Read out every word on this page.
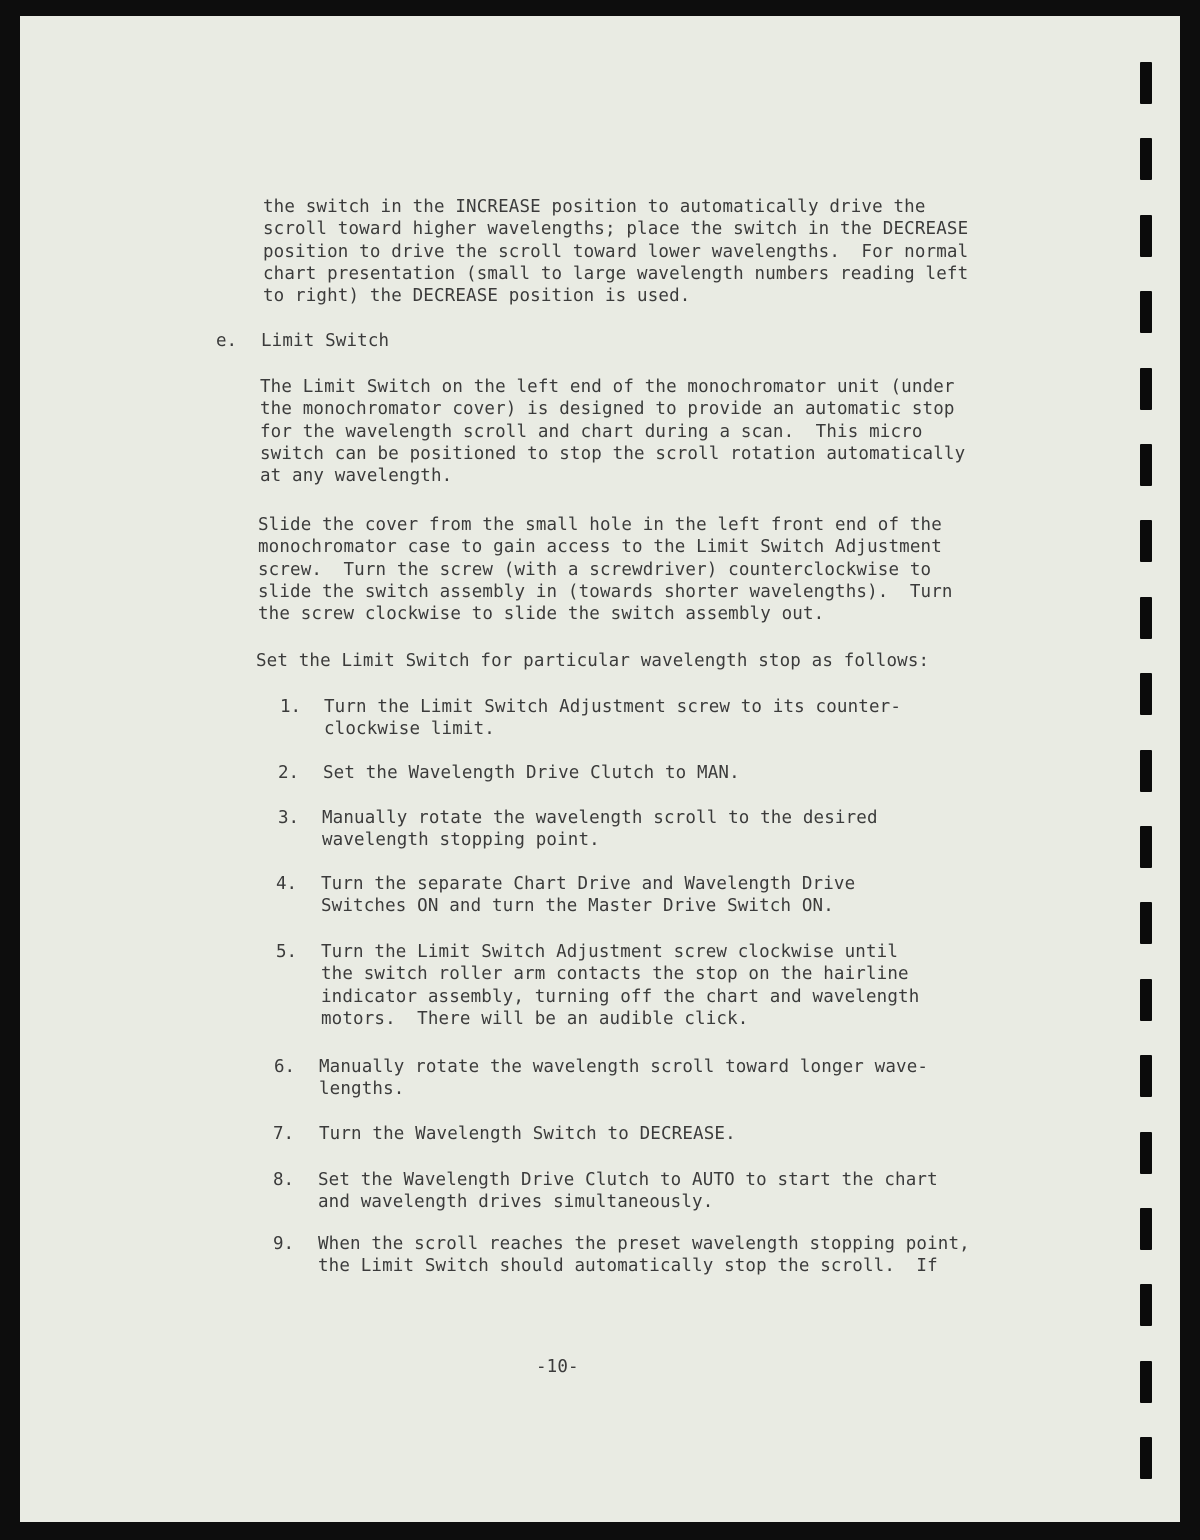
the switch in the INCREASE position to automatically drive the
scroll toward higher wavelengths; place the switch in the DECREASE
position to drive the scroll toward lower wavelengths.  For normal
chart presentation (small to large wavelength numbers reading left
to right) the DECREASE position is used.
e. Limit Switch
The Limit Switch on the left end of the monochromator unit (under
the monochromator cover) is designed to provide an automatic stop
for the wavelength scroll and chart during a scan.  This micro
switch can be positioned to stop the scroll rotation automatically
at any wavelength.
Slide the cover from the small hole in the left front end of the
monochromator case to gain access to the Limit Switch Adjustment
screw.  Turn the screw (with a screwdriver) counterclockwise to
slide the switch assembly in (towards shorter wavelengths).  Turn
the screw clockwise to slide the switch assembly out.
Set the Limit Switch for particular wavelength stop as follows:
1. Turn the Limit Switch Adjustment screw to its counter-
clockwise limit.
2. Set the Wavelength Drive Clutch to MAN.
3. Manually rotate the wavelength scroll to the desired
wavelength stopping point.
4. Turn the separate Chart Drive and Wavelength Drive
Switches ON and turn the Master Drive Switch ON.
5. Turn the Limit Switch Adjustment screw clockwise until
the switch roller arm contacts the stop on the hairline
indicator assembly, turning off the chart and wavelength
motors.  There will be an audible click.
6. Manually rotate the wavelength scroll toward longer wave-
lengths.
7. Turn the Wavelength Switch to DECREASE.
8. Set the Wavelength Drive Clutch to AUTO to start the chart
and wavelength drives simultaneously.
9. When the scroll reaches the preset wavelength stopping point,
the Limit Switch should automatically stop the scroll.  If
-10-
